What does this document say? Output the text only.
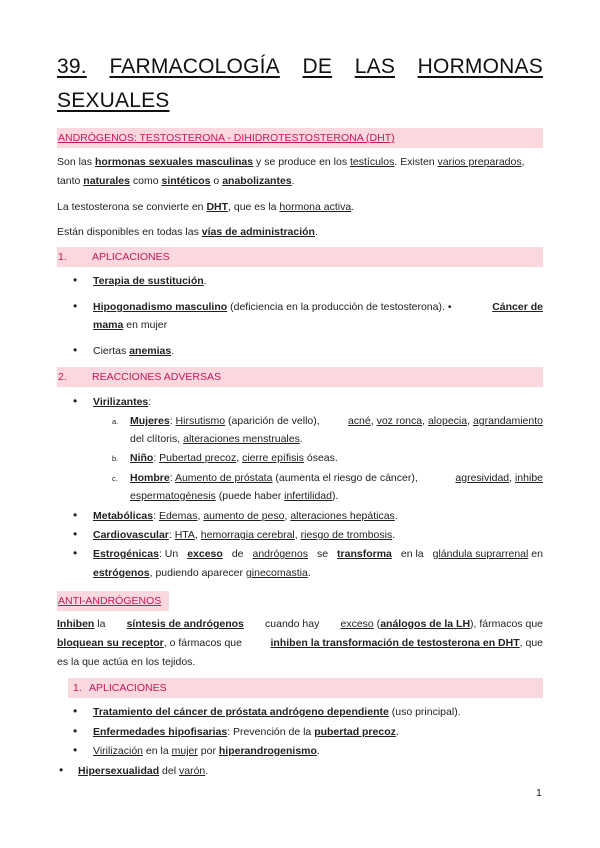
39. FARMACOLOGÍA DE LAS HORMONAS
SEXUALES
ANDRÓGENOS: TESTOSTERONA - DIHIDROTESTOSTERONA (DHT)
Son las hormonas sexuales masculinas y se produce en los testículos. Existen varios preparados,
tanto naturales como sintéticos o anabolizantes.
La testosterona se convierte en DHT, que es la hormona activa.
Están disponibles en todas las vías de administración.
1. APLICACIONES
• Terapia de sustitución.
• Hipogonadismo masculino (deficiencia en la producción de testosterona). •	Cáncer de
mama en mujer
• Ciertas anemias.
2. REACCIONES ADVERSAS
• Virilizantes:
a. Mujeres: Hirsutismo (aparición de vello),	acné, voz ronca, alopecia, agrandamiento
del clítoris, alteraciones menstruales.
b. Niño: Pubertad precoz, cierre epífisis óseas.
c. Hombre: Aumento de próstata (aumenta el riesgo de cáncer),	agresividad, inhibe
espermatogénesis (puede haber infertilidad).
• Metabólicas: Edemas, aumento de peso, alteraciones hepáticas.
• Cardiovascular: HTA, hemorragia cerebral, riesgo de trombosis.
• Estrogénicas: Un exceso de andrógenos se transforma en la glándula suprarrenal en
estrógenos, pudiendo aparecer ginecomastia.
ANTI-ANDRÓGENOS
Inhiben la síntesis de andrógenos cuando hay exceso (análogos de la LH), fármacos que
bloquean su receptor, o fármacos que	inhiben la transformación de testosterona en DHT, que
es la que actúa en los tejidos.
1. APLICACIONES
• Tratamiento del cáncer de próstata andrógeno dependiente (uso principal).
• Enfermedades hipofisarias: Prevención de la pubertad precoz.
• Virilización en la mujer por hiperandrogenismo.
• Hipersexualidad del varón.
1
